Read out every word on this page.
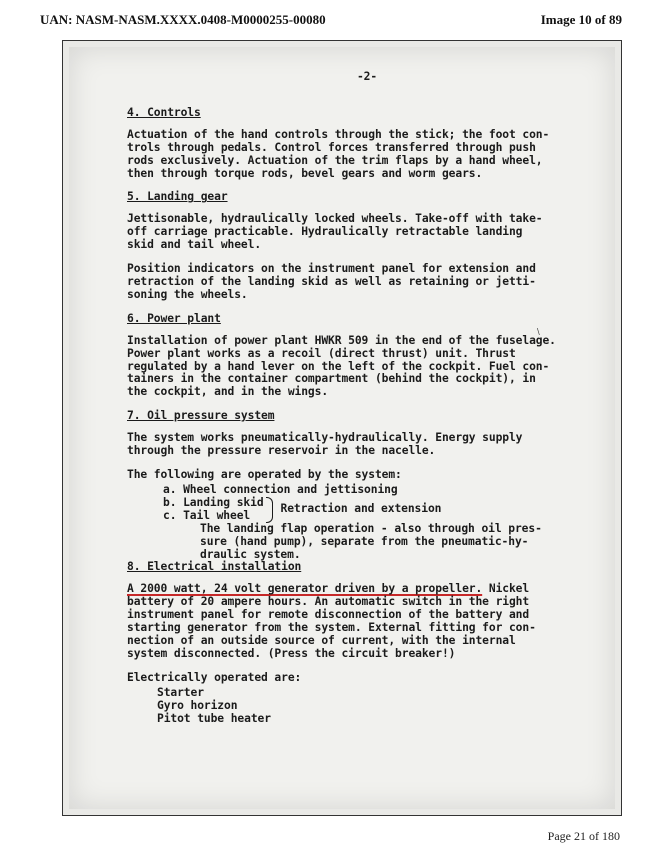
UAN: NASM-NASM.XXXX.0408-M0000255-00080	Image 10 of 89
\
-2-
4. Controls
Actuation of the hand controls through the stick; the foot con-
trols through pedals. Control forces transferred through push
rods exclusively. Actuation of the trim flaps by a hand wheel,
then through torque rods, bevel gears and worm gears.
5. Landing gear
Jettisonable, hydraulically locked wheels. Take-off with take-
off carriage practicable. Hydraulically retractable landing
skid and tail wheel.
Position indicators on the instrument panel for extension and
retraction of the landing skid as well as retaining or jetti-
soning the wheels.
6. Power plant
Installation of power plant HWKR 509 in the end of the fuselage.
Power plant works as a recoil (direct thrust) unit. Thrust
regulated by a hand lever on the left of the cockpit. Fuel con-
tainers in the container compartment (behind the cockpit), in
the cockpit, and in the wings.
7. Oil pressure system
The system works pneumatically-hydraulically. Energy supply
through the pressure reservoir in the nacelle.
The following are operated by the system:
a. Wheel connection and jettisoning
b. Landing skid
c. Tail wheel	Retraction and extension
The landing flap operation - also through oil pres-
sure (hand pump), separate from the pneumatic-hy-
draulic system.
8. Electrical installation
A 2000 watt, 24 volt generator driven by a propeller. Nickel
battery of 20 ampere hours. An automatic switch in the right
instrument panel for remote disconnection of the battery and
starting generator from the system. External fitting for con-
nection of an outside source of current, with the internal
system disconnected. (Press the circuit breaker!)
Electrically operated are:
Starter
Gyro horizon
Pitot tube heater
Page 21 of 180
